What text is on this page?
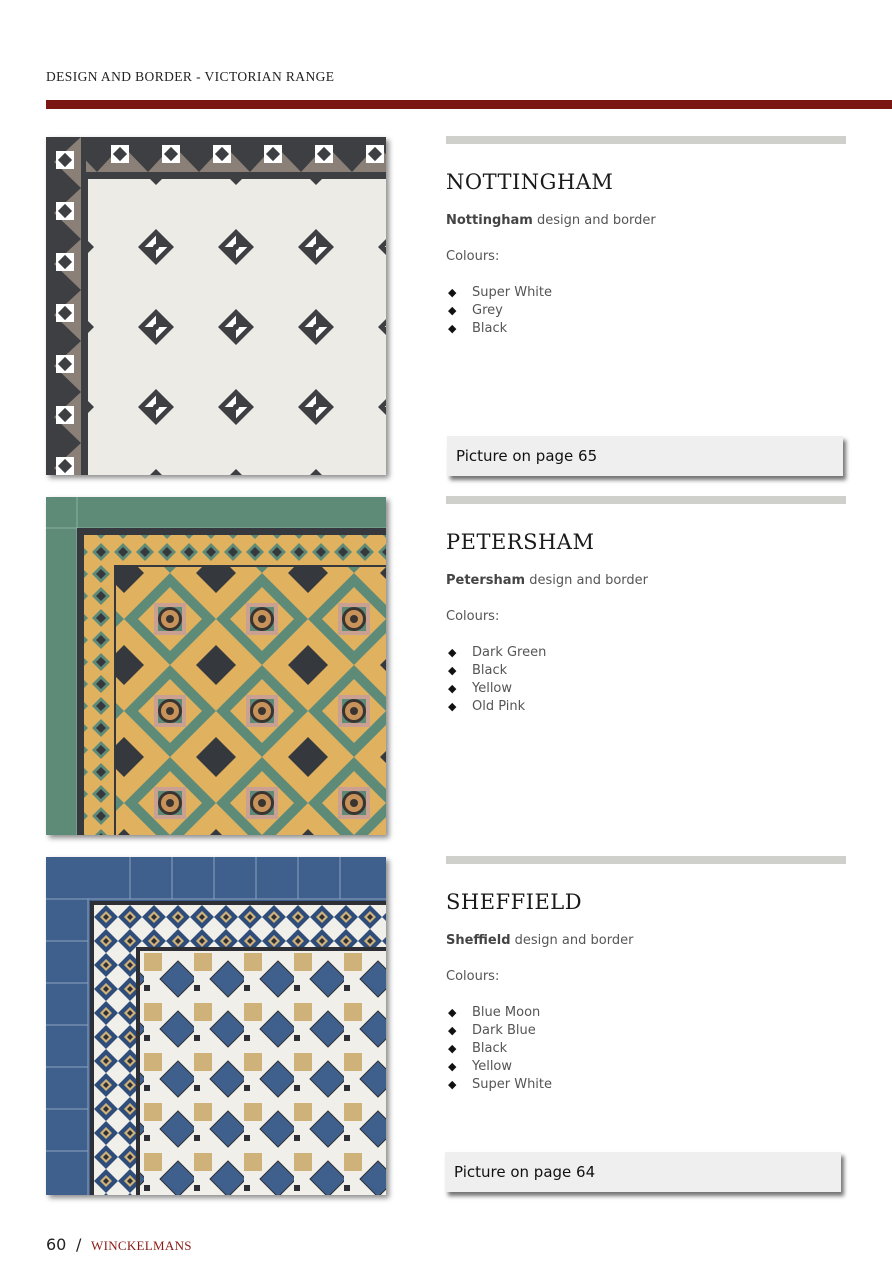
DESIGN AND BORDER - VICTORIAN RANGE
NOTTINGHAM
Nottingham design and border
Colours:
◆ Super White
◆ Grey
◆ Black
Picture on page 65
PETERSHAM
Petersham design and border
Colours:
◆ Dark Green
◆ Black
◆ Yellow
◆ Old Pink
SHEFFIELD
Sheffield design and border
Colours:
◆ Blue Moon
◆ Dark Blue
◆ Black
◆ Yellow
◆ Super White
Picture on page 64
60 / WINCKELMANS
